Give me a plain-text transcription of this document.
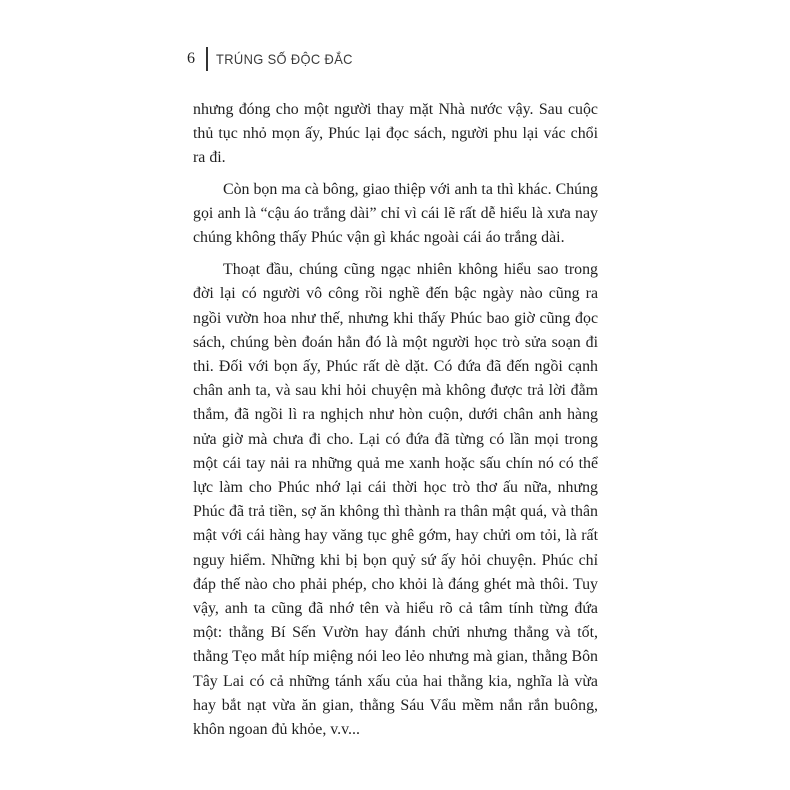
6 TRÚNG SỐ ĐỘC ĐẮC

nhưng đóng cho một người thay mặt Nhà nước vậy. Sau cuộc thủ tục nhỏ mọn ấy, Phúc lại đọc sách, người phu lại vác chổi ra đi.

Còn bọn ma cà bông, giao thiệp với anh ta thì khác. Chúng gọi anh là “cậu áo trắng dài” chỉ vì cái lẽ rất dễ hiểu là xưa nay chúng không thấy Phúc vận gì khác ngoài cái áo trắng dài.

Thoạt đầu, chúng cũng ngạc nhiên không hiểu sao trong đời lại có người vô công rồi nghề đến bậc ngày nào cũng ra ngồi vườn hoa như thế, nhưng khi thấy Phúc bao giờ cũng đọc sách, chúng bèn đoán hẳn đó là một người học trò sửa soạn đi thi. Đối với bọn ấy, Phúc rất dè dặt. Có đứa đã đến ngồi cạnh chân anh ta, và sau khi hỏi chuyện mà không được trả lời đằm thắm, đã ngồi lì ra nghịch như hòn cuộn, dưới chân anh hàng nửa giờ mà chưa đi cho. Lại có đứa đã từng có lần mọi trong một cái tay nải ra những quả me xanh hoặc sấu chín nó có thể lực làm cho Phúc nhớ lại cái thời học trò thơ ấu nữa, nhưng Phúc đã trả tiền, sợ ăn không thì thành ra thân mật quá, và thân mật với cái hàng hay văng tục ghê gớm, hay chửi om tỏi, là rất nguy hiểm. Những khi bị bọn quỷ sứ ấy hỏi chuyện. Phúc chỉ đáp thế nào cho phải phép, cho khỏi là đáng ghét mà thôi. Tuy vậy, anh ta cũng đã nhớ tên và hiểu rõ cả tâm tính từng đứa một: thằng Bí Sến Vườn hay đánh chửi nhưng thẳng và tốt, thằng Tẹo mắt híp miệng nói leo lẻo nhưng mà gian, thằng Bôn Tây Lai có cả những tánh xấu của hai thằng kia, nghĩa là vừa hay bắt nạt vừa ăn gian, thằng Sáu Vẩu mềm nắn rắn buông, khôn ngoan đủ khỏe, v.v...
